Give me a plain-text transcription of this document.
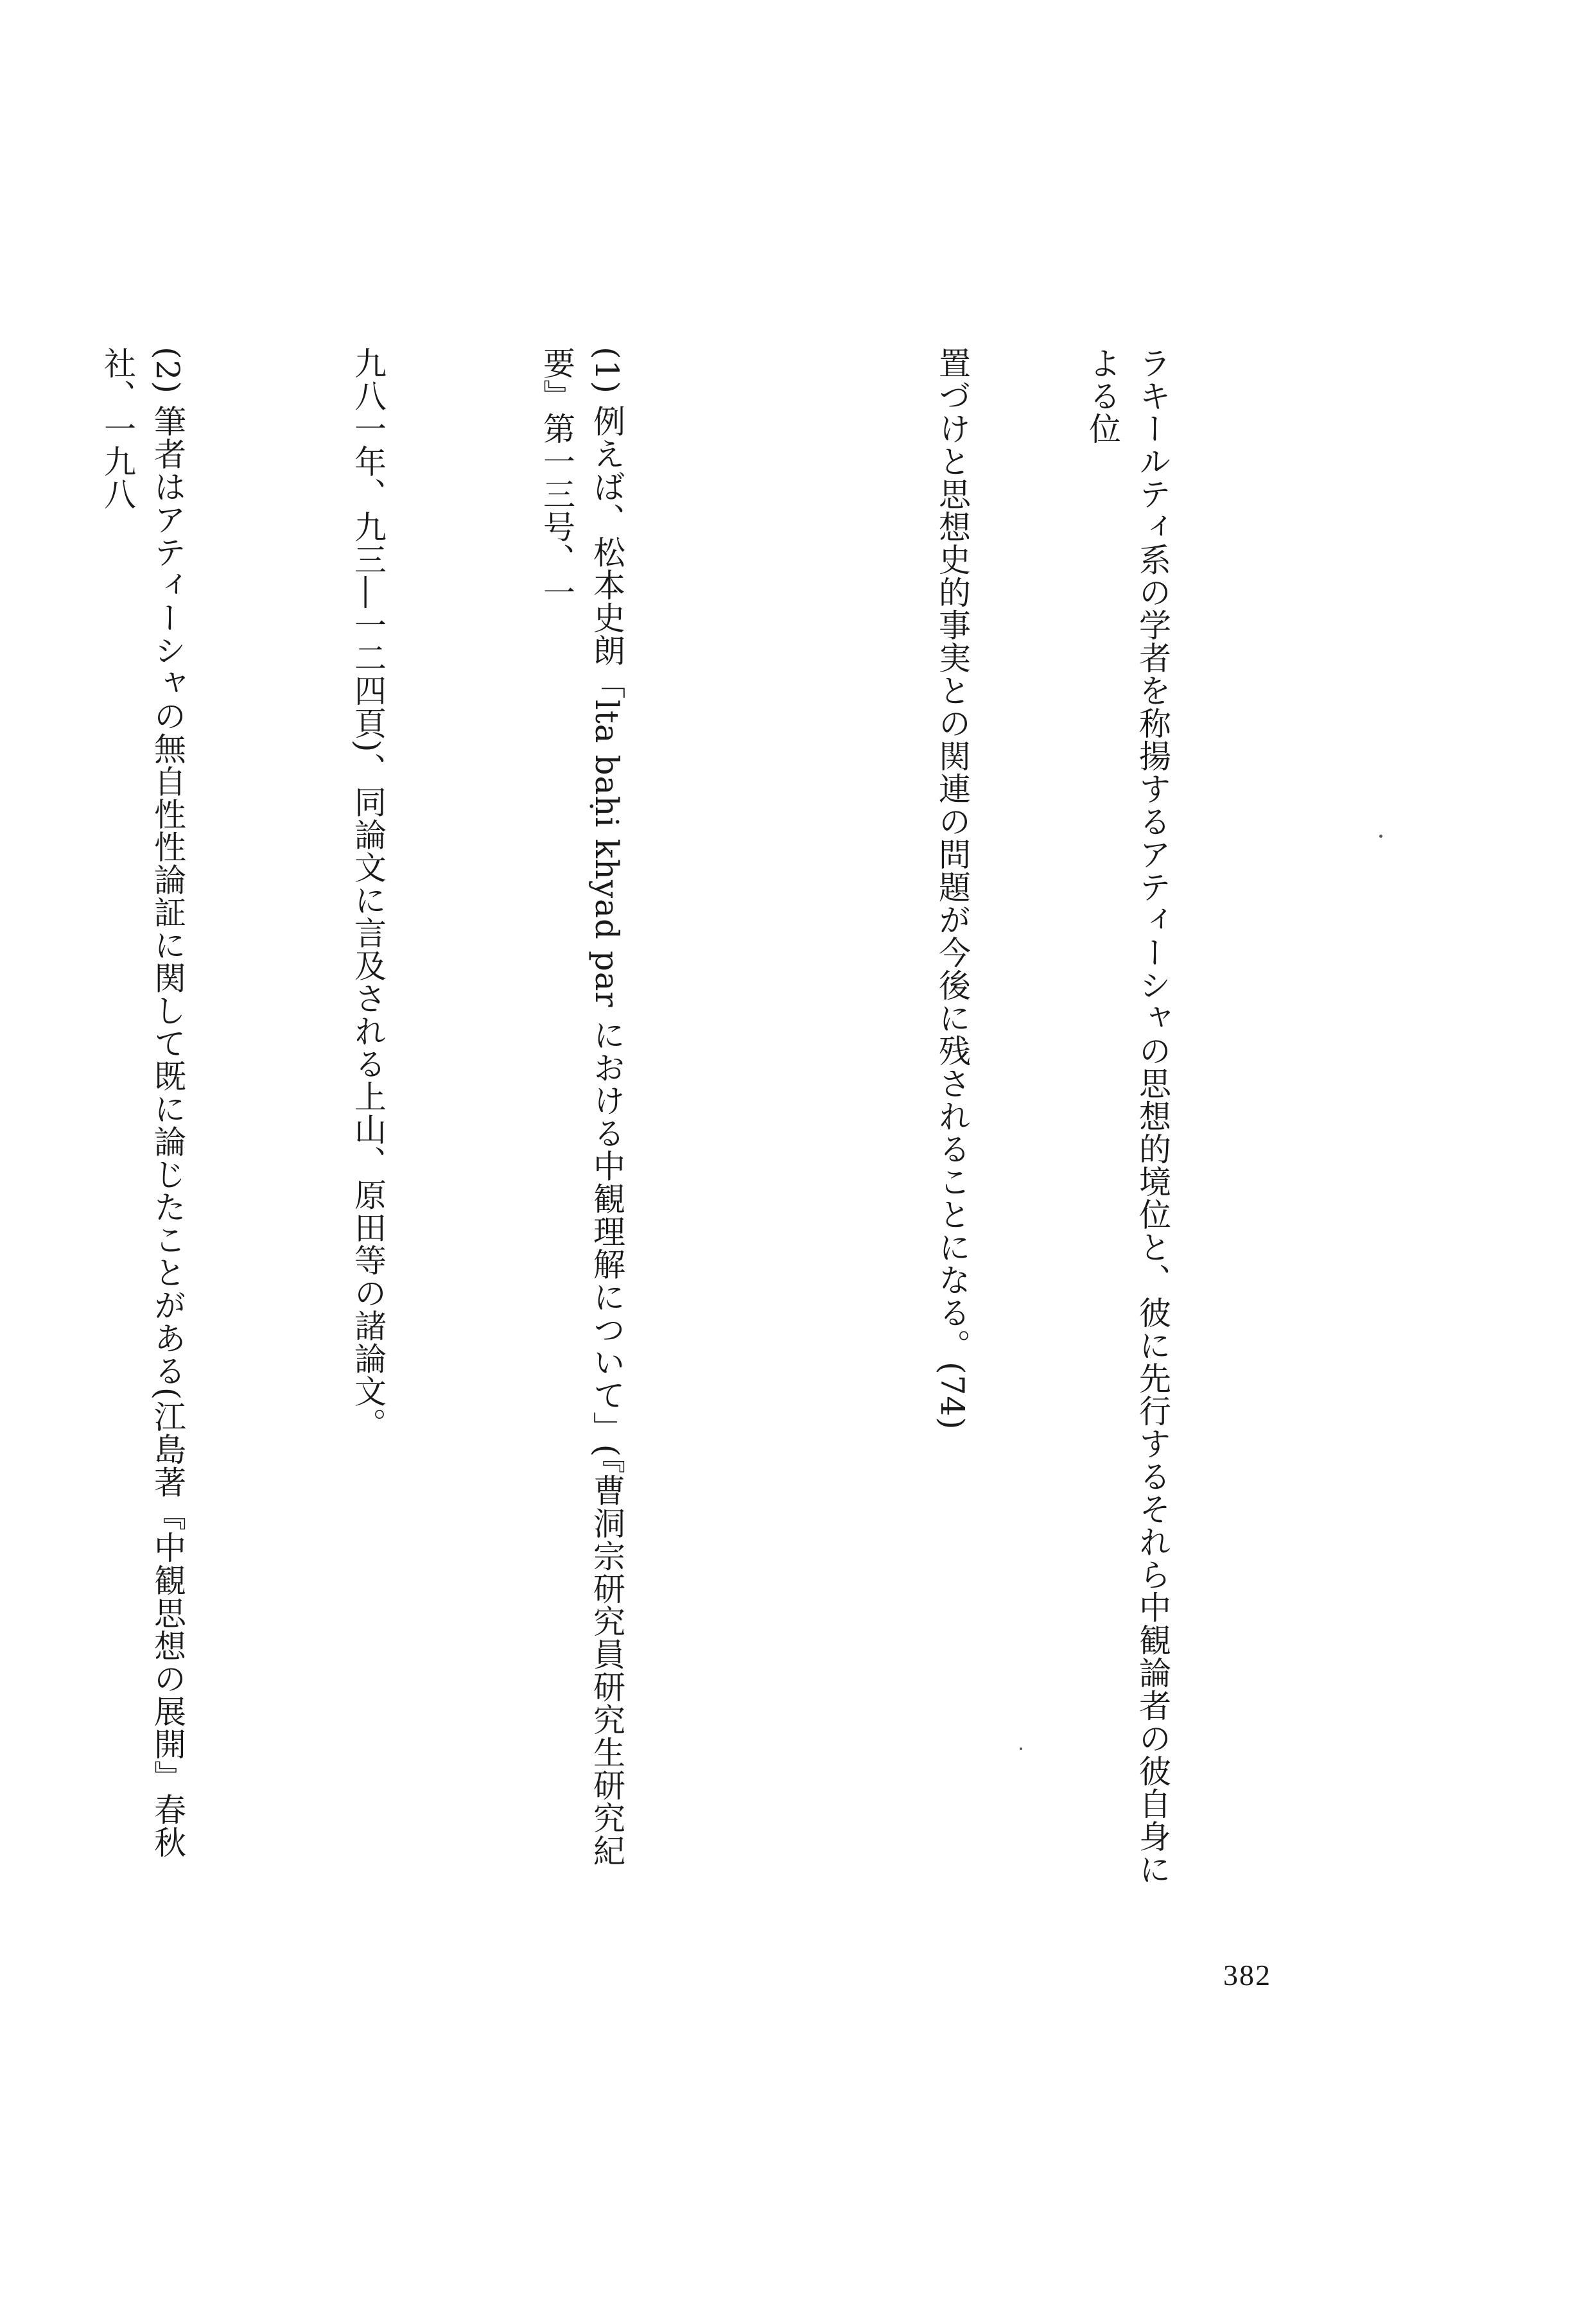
ラキールティ系の学者を称揚するアティーシャの思想的境位と、彼に先行するそれら中観論者の彼自身による位

置づけと思想史的事実との関連の問題が今後に残されることになる。(74)

(1) 例えば、松本史朗「lta baḥi khyad par における中観理解について」(『曹洞宗研究員研究生研究紀要』第一三号、一

九八一年、九三―一二四頁)、同論文に言及される上山、原田等の諸論文。

(2) 筆者はアティーシャの無自性性論証に関して既に論じたことがある(江島著『中観思想の展開』春秋社、一九八

382
